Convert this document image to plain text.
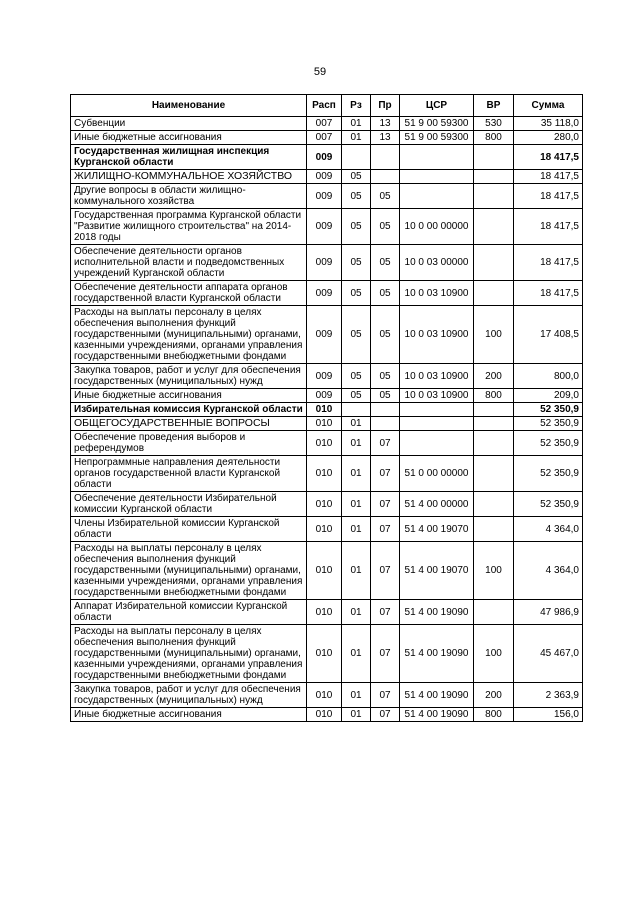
59
Наименование	Расп	Рз	Пр	ЦСР	ВР	Сумма
Субвенции	007	01	13	51 9 00 59300	530	35 118,0
Иные бюджетные ассигнования	007	01	13	51 9 00 59300	800	280,0
Государственная жилищная инспекция Курганской области	009					18 417,5
ЖИЛИЩНО-КОММУНАЛЬНОЕ ХОЗЯЙСТВО	009	05				18 417,5
Другие вопросы в области жилищно-коммунального хозяйства	009	05	05			18 417,5
Государственная программа Курганской области "Развитие жилищного строительства" на 2014-2018 годы	009	05	05	10 0 00 00000		18 417,5
Обеспечение деятельности органов исполнительной власти и подведомственных учреждений Курганской области	009	05	05	10 0 03 00000		18 417,5
Обеспечение деятельности аппарата органов государственной власти Курганской области	009	05	05	10 0 03 10900		18 417,5
Расходы на выплаты персоналу в целях обеспечения выполнения функций государственными (муниципальными) органами, казенными учреждениями, органами управления государственными внебюджетными фондами	009	05	05	10 0 03 10900	100	17 408,5
Закупка товаров, работ и услуг для обеспечения государственных (муниципальных) нужд	009	05	05	10 0 03 10900	200	800,0
Иные бюджетные ассигнования	009	05	05	10 0 03 10900	800	209,0
Избирательная комиссия Курганской области	010					52 350,9
ОБЩЕГОСУДАРСТВЕННЫЕ ВОПРОСЫ	010	01				52 350,9
Обеспечение проведения выборов и референдумов	010	01	07			52 350,9
Непрограммные направления деятельности органов государственной власти Курганской области	010	01	07	51 0 00 00000		52 350,9
Обеспечение деятельности Избирательной комиссии Курганской области	010	01	07	51 4 00 00000		52 350,9
Члены Избирательной комиссии Курганской области	010	01	07	51 4 00 19070		4 364,0
Расходы на выплаты персоналу в целях обеспечения выполнения функций государственными (муниципальными) органами, казенными учреждениями, органами управления государственными внебюджетными фондами	010	01	07	51 4 00 19070	100	4 364,0
Аппарат Избирательной комиссии Курганской области	010	01	07	51 4 00 19090		47 986,9
Расходы на выплаты персоналу в целях обеспечения выполнения функций государственными (муниципальными) органами, казенными учреждениями, органами управления государственными внебюджетными фондами	010	01	07	51 4 00 19090	100	45 467,0
Закупка товаров, работ и услуг для обеспечения государственных (муниципальных) нужд	010	01	07	51 4 00 19090	200	2 363,9
Иные бюджетные ассигнования	010	01	07	51 4 00 19090	800	156,0
